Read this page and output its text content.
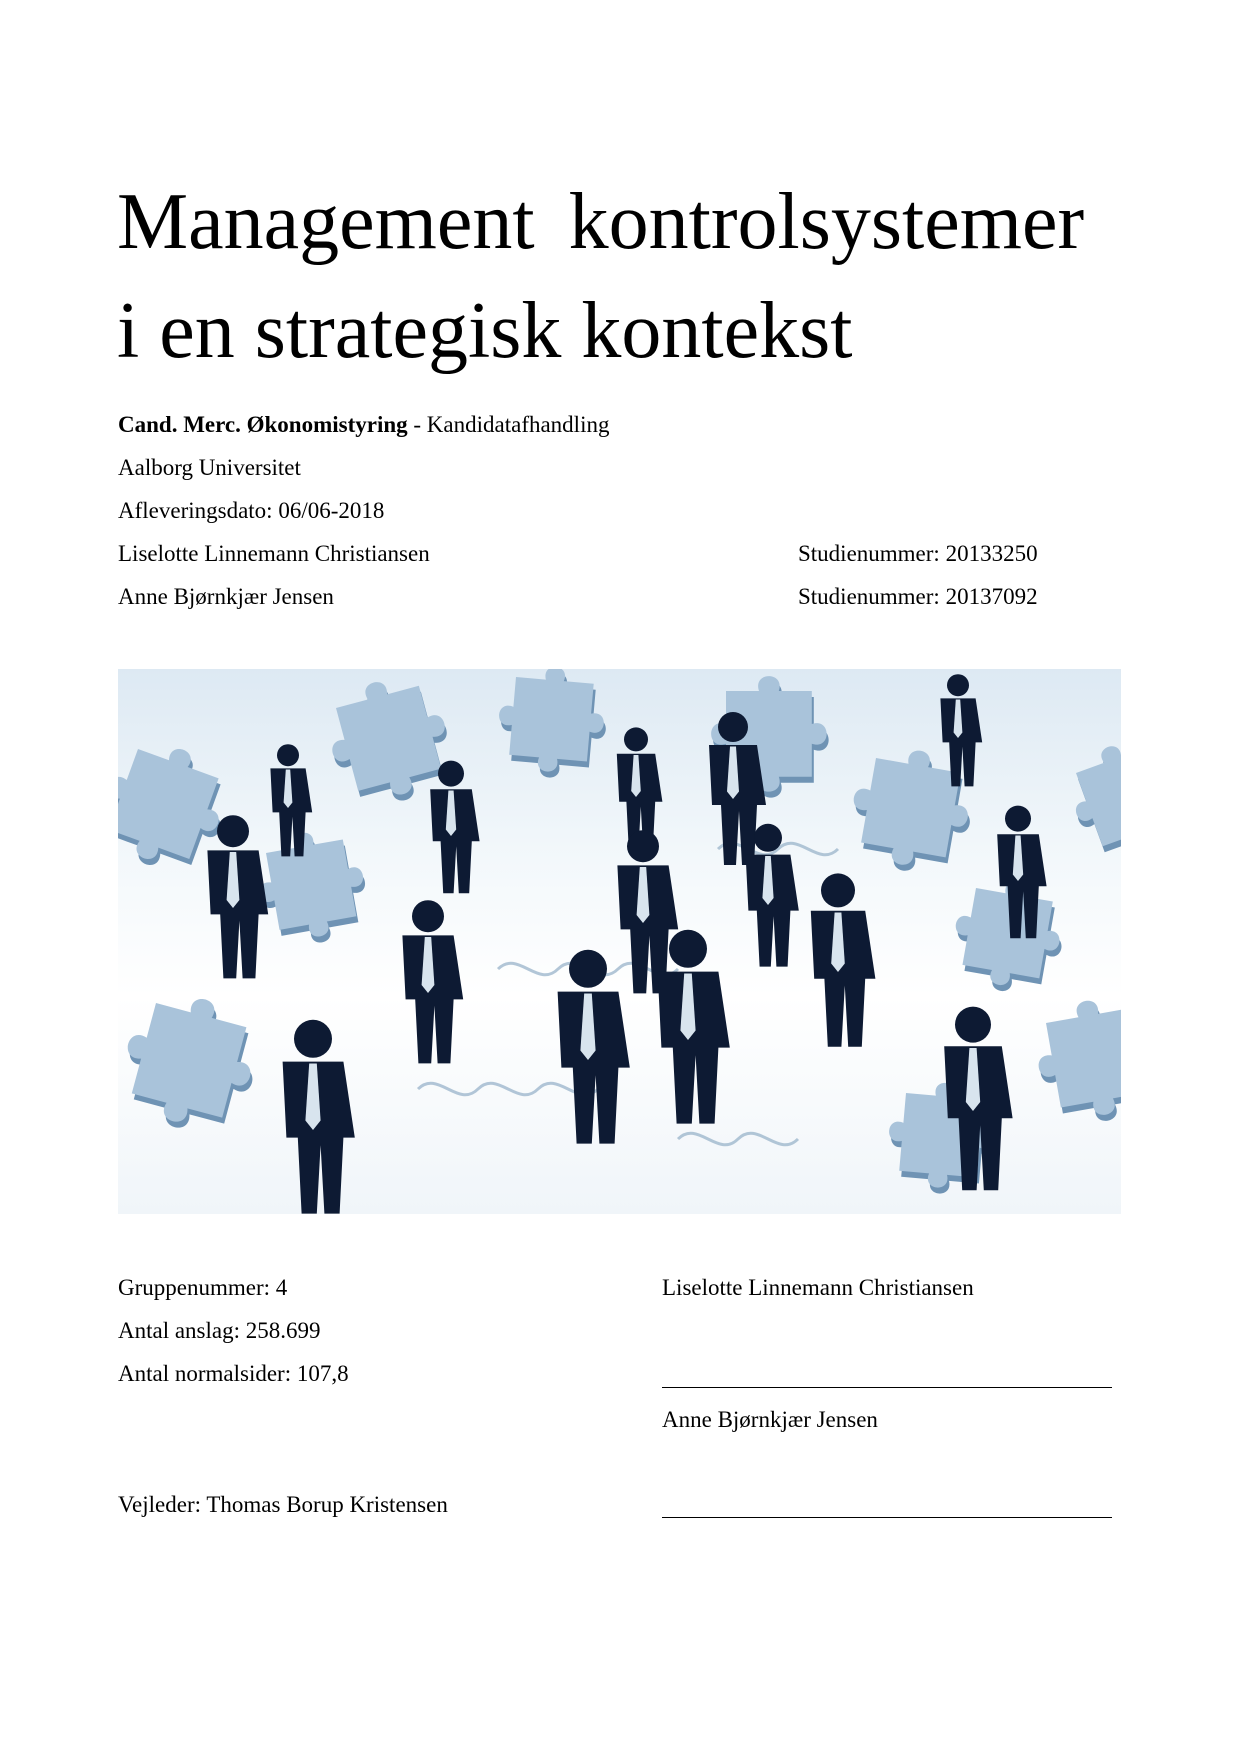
Management kontrolsystemer
i en strategisk kontekst
Cand. Merc. Økonomistyring - Kandidatafhandling
Aalborg Universitet
Afleveringsdato: 06/06-2018
Liselotte Linnemann Christiansen	Studienummer: 20133250
Anne Bjørnkjær Jensen	Studienummer: 20137092
Gruppenummer: 4
Antal anslag: 258.699
Antal normalsider: 107,8
Vejleder: Thomas Borup Kristensen
Liselotte Linnemann Christiansen
Anne Bjørnkjær Jensen
